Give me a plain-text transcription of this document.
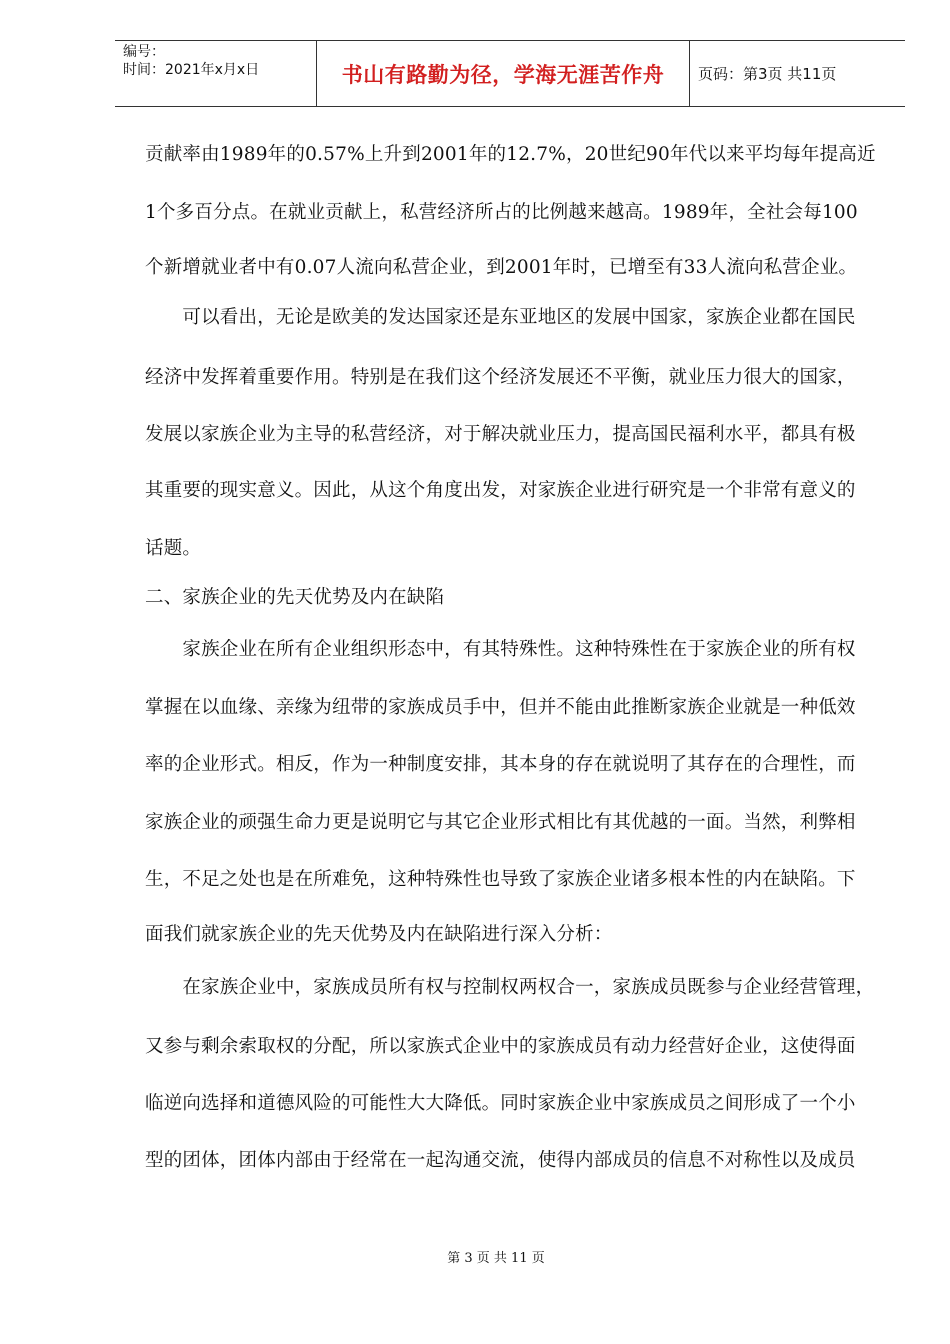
编号：
时间：2021年x月x日	书山有路勤为径，学海无涯苦作舟	页码：第3页 共11页
贡献率由1989年的0.57%上升到2001年的12.7%，20世纪90年代以来平均每年提高近
1个多百分点。在就业贡献上，私营经济所占的比例越来越高。1989年，全社会每100
个新增就业者中有0.07人流向私营企业，到2001年时，已增至有33人流向私营企业。
　　可以看出，无论是欧美的发达国家还是东亚地区的发展中国家，家族企业都在国民
经济中发挥着重要作用。特别是在我们这个经济发展还不平衡，就业压力很大的国家，
发展以家族企业为主导的私营经济，对于解决就业压力，提高国民福利水平，都具有极
其重要的现实意义。因此，从这个角度出发，对家族企业进行研究是一个非常有意义的
话题。
二、家族企业的先天优势及内在缺陷
　　家族企业在所有企业组织形态中，有其特殊性。这种特殊性在于家族企业的所有权
掌握在以血缘、亲缘为纽带的家族成员手中，但并不能由此推断家族企业就是一种低效
率的企业形式。相反，作为一种制度安排，其本身的存在就说明了其存在的合理性，而
家族企业的顽强生命力更是说明它与其它企业形式相比有其优越的一面。当然，利弊相
生，不足之处也是在所难免，这种特殊性也导致了家族企业诸多根本性的内在缺陷。下
面我们就家族企业的先天优势及内在缺陷进行深入分析：
　　在家族企业中，家族成员所有权与控制权两权合一，家族成员既参与企业经营管理，
又参与剩余索取权的分配，所以家族式企业中的家族成员有动力经营好企业，这使得面
临逆向选择和道德风险的可能性大大降低。同时家族企业中家族成员之间形成了一个小
型的团体，团体内部由于经常在一起沟通交流，使得内部成员的信息不对称性以及成员
第 3 页 共 11 页
